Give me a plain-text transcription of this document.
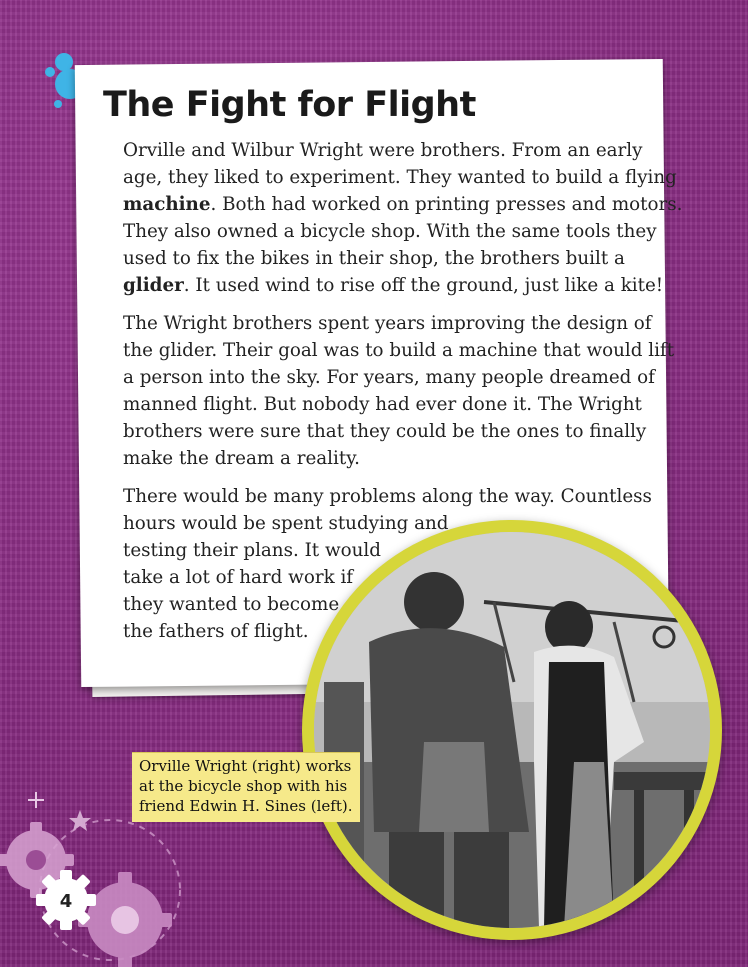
The Fight for Flight
Orville and Wilbur Wright were brothers. From an early
age, they liked to experiment. They wanted to build a flying
machine. Both had worked on printing presses and motors.
They also owned a bicycle shop. With the same tools they
used to fix the bikes in their shop, the brothers built a
glider. It used wind to rise off the ground, just like a kite!
The Wright brothers spent years improving the design of
the glider. Their goal was to build a machine that would lift
a person into the sky. For years, many people dreamed of
manned flight. But nobody had ever done it. The Wright
brothers were sure that they could be the ones to finally
make the dream a reality.
There would be many problems along the way. Countless
hours would be spent studying and
testing their plans. It would
take a lot of hard work if
they wanted to become
the fathers of flight.
Orville Wright (right) works
at the bicycle shop with his
friend Edwin H. Sines (left).
4
